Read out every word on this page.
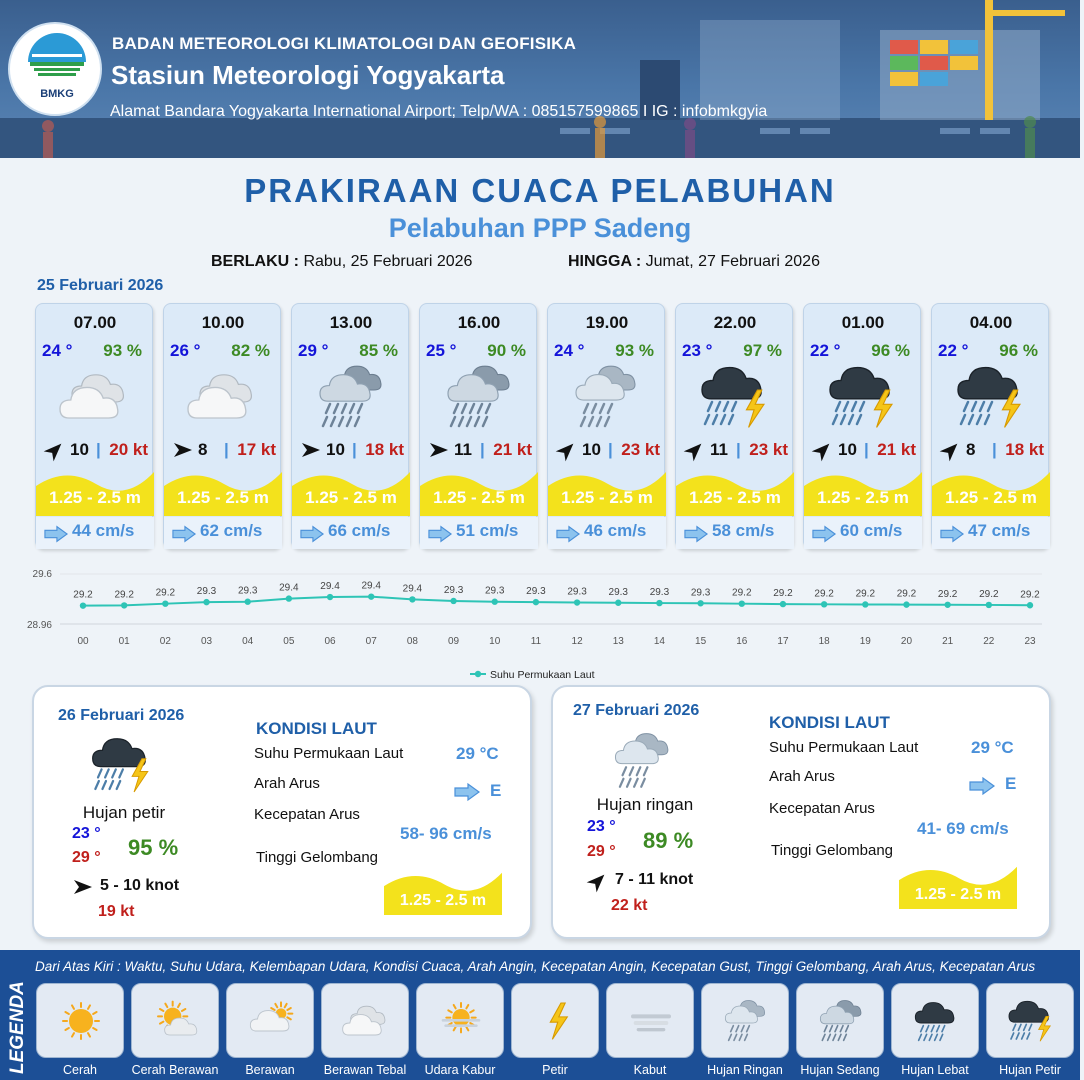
BMKG
BADAN METEOROLOGI KLIMATOLOGI DAN GEOFISIKA
Stasiun Meteorologi Yogyakarta
Alamat Bandara Yogyakarta International Airport; Telp/WA : 085157599865 I IG : infobmkgyia
PRAKIRAAN CUACA PELABUHAN
Pelabuhan PPP Sadeng
BERLAKU : Rabu, 25 Februari 2026	HINGGA : Jumat, 27 Februari 2026
25 Februari 2026
07.00
24 ° 93 %
10 | 20 kt
1.25 - 2.5 m
44 cm/s
10.00
26 ° 82 %
8 | 17 kt
1.25 - 2.5 m
62 cm/s
13.00
29 ° 85 %
10 | 18 kt
1.25 - 2.5 m
66 cm/s
16.00
25 ° 90 %
11 | 21 kt
1.25 - 2.5 m
51 cm/s
19.00
24 ° 93 %
10 | 23 kt
1.25 - 2.5 m
46 cm/s
22.00
23 ° 97 %
11 | 23 kt
1.25 - 2.5 m
58 cm/s
01.00
22 ° 96 %
10 | 21 kt
1.25 - 2.5 m
60 cm/s
04.00
22 ° 96 %
8 | 18 kt
1.25 - 2.5 m
47 cm/s
29.6
28.96
29.2
00
29.2
01
29.2
02
29.3
03
29.3
04
29.4
05
29.4
06
29.4
07
29.4
08
29.3
09
29.3
10
29.3
11
29.3
12
29.3
13
29.3
14
29.3
15
29.2
16
29.2
17
29.2
18
29.2
19
29.2
20
29.2
21
29.2
22
29.2
23
Suhu Permukaan Laut
26 Februari 2026
Hujan petir
23 °
29 ° 95 %
5 - 10 knot
19 kt
KONDISI LAUT
Suhu Permukaan Laut	29 °C
Arah Arus	E
Kecepatan Arus
58- 96 cm/s
Tinggi Gelombang
1.25 - 2.5 m
27 Februari 2026
Hujan ringan
23 °
29 ° 89 %
7 - 11 knot
22 kt
KONDISI LAUT
Suhu Permukaan Laut	29 °C
Arah Arus	E
Kecepatan Arus
41- 69 cm/s
Tinggi Gelombang
1.25 - 2.5 m
LEGENDA
Dari Atas Kiri : Waktu, Suhu Udara, Kelembapan Udara, Kondisi Cuaca, Arah Angin, Kecepatan Angin, Kecepatan Gust, Tinggi Gelombang, Arah Arus, Kecepatan Arus
Cerah	Cerah Berawan	Berawan	Berawan Tebal	Udara Kabur	Petir	Kabut	Hujan Ringan	Hujan Sedang	Hujan Lebat	Hujan Petir
